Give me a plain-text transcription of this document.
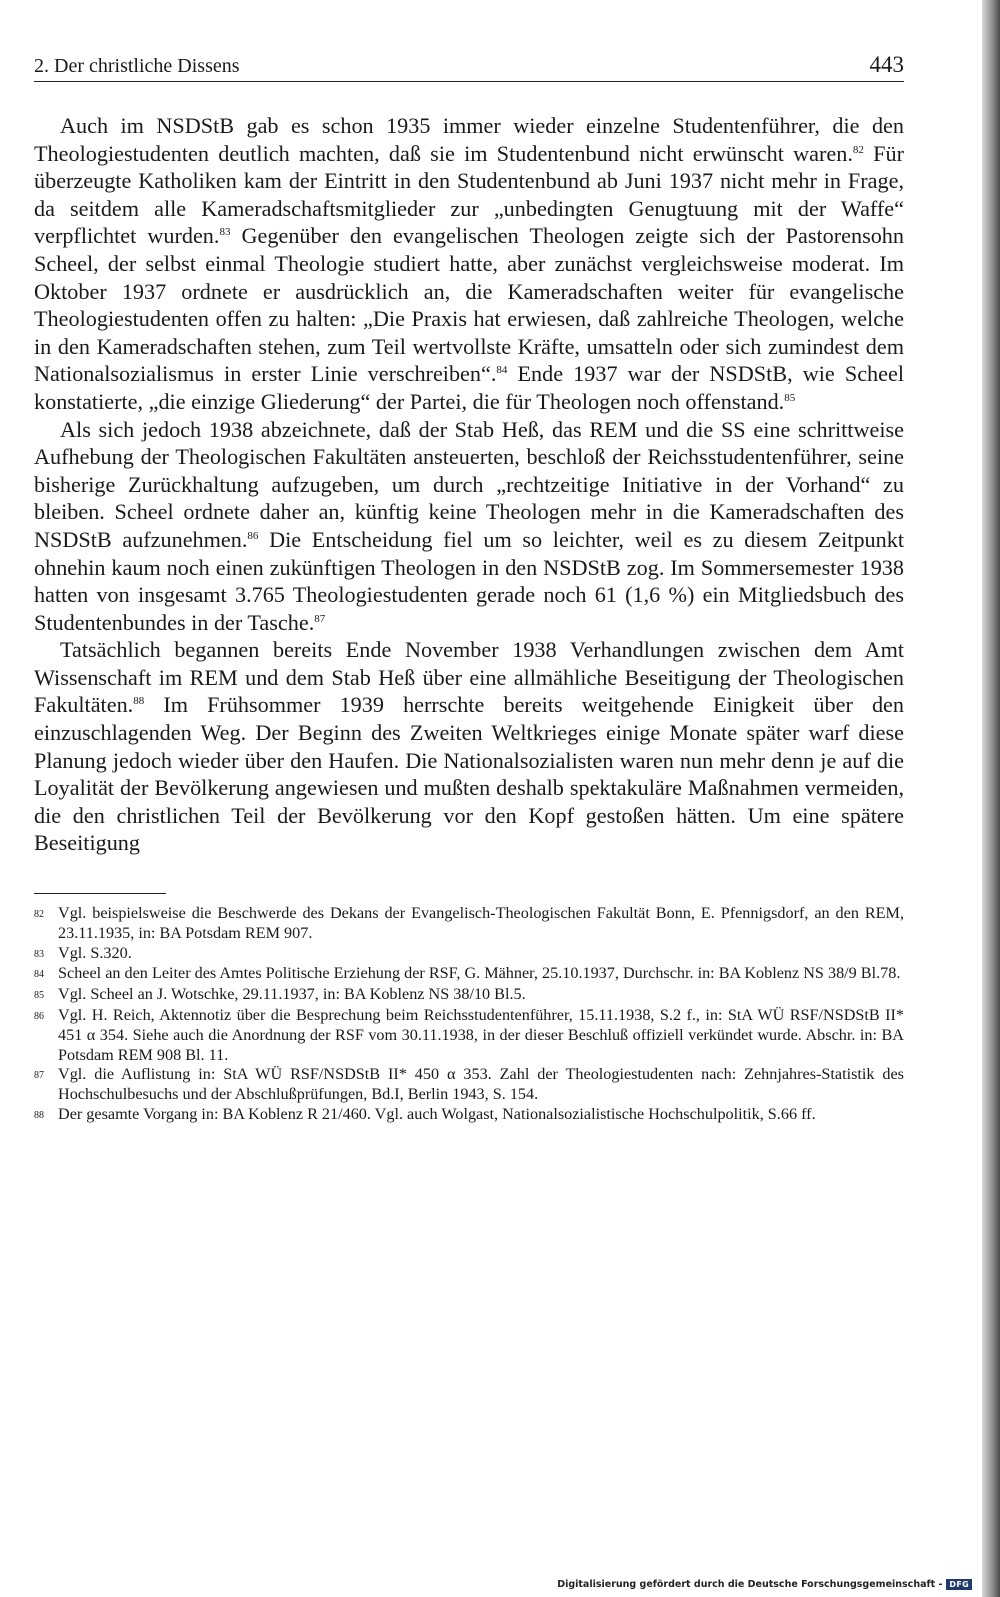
2. Der christliche Dissens	443

Auch im NSDStB gab es schon 1935 immer wieder einzelne Studentenführer, die den Theologiestudenten deutlich machten, daß sie im Studentenbund nicht erwünscht waren.$^{82}$ Für überzeugte Katholiken kam der Eintritt in den Studentenbund ab Juni 1937 nicht mehr in Frage, da seitdem alle Kameradschaftsmitglieder zur „unbedingten Genugtuung mit der Waffe“ verpflichtet wurden.$^{83}$ Gegenüber den evangelischen Theologen zeigte sich der Pastorensohn Scheel, der selbst einmal Theologie studiert hatte, aber zunächst vergleichsweise moderat. Im Oktober 1937 ordnete er ausdrücklich an, die Kameradschaften weiter für evangelische Theologiestudenten offen zu halten: „Die Praxis hat erwiesen, daß zahlreiche Theologen, welche in den Kameradschaften stehen, zum Teil wertvollste Kräfte, umsatteln oder sich zumindest dem Nationalsozialismus in erster Linie verschreiben“.$^{84}$ Ende 1937 war der NSDStB, wie Scheel konstatierte, „die einzige Gliederung“ der Partei, die für Theologen noch offenstand.$^{85}$

Als sich jedoch 1938 abzeichnete, daß der Stab Heß, das REM und die SS eine schrittweise Aufhebung der Theologischen Fakultäten ansteuerten, beschloß der Reichsstudentenführer, seine bisherige Zurückhaltung aufzugeben, um durch „rechtzeitige Initiative in der Vorhand“ zu bleiben. Scheel ordnete daher an, künftig keine Theologen mehr in die Kameradschaften des NSDStB aufzunehmen.$^{86}$ Die Entscheidung fiel um so leichter, weil es zu diesem Zeitpunkt ohnehin kaum noch einen zukünftigen Theologen in den NSDStB zog. Im Sommersemester 1938 hatten von insgesamt 3.765 Theologiestudenten gerade noch 61 (1,6 %) ein Mitgliedsbuch des Studentenbundes in der Tasche.$^{87}$

Tatsächlich begannen bereits Ende November 1938 Verhandlungen zwischen dem Amt Wissenschaft im REM und dem Stab Heß über eine allmähliche Beseitigung der Theologischen Fakultäten.$^{88}$ Im Frühsommer 1939 herrschte bereits weitgehende Einigkeit über den einzuschlagenden Weg. Der Beginn des Zweiten Weltkrieges einige Monate später warf diese Planung jedoch wieder über den Haufen. Die Nationalsozialisten waren nun mehr denn je auf die Loyalität der Bevölkerung angewiesen und mußten deshalb spektakuläre Maßnahmen vermeiden, die den christlichen Teil der Bevölkerung vor den Kopf gestoßen hätten. Um eine spätere Beseitigung

82 Vgl. beispielsweise die Beschwerde des Dekans der Evangelisch-Theologischen Fakultät Bonn, E. Pfennigsdorf, an den REM, 23.11.1935, in: BA Potsdam REM 907.
83 Vgl. S.320.
84 Scheel an den Leiter des Amtes Politische Erziehung der RSF, G. Mähner, 25.10.1937, Durchschr. in: BA Koblenz NS 38/9 Bl.78.
85 Vgl. Scheel an J. Wotschke, 29.11.1937, in: BA Koblenz NS 38/10 Bl.5.
86 Vgl. H. Reich, Aktennotiz über die Besprechung beim Reichsstudentenführer, 15.11.1938, S.2 f., in: StA WÜ RSF/NSDStB II* 451 α 354. Siehe auch die Anordnung der RSF vom 30.11.1938, in der dieser Beschluß offiziell verkündet wurde. Abschr. in: BA Potsdam REM 908 Bl. 11.
87 Vgl. die Auflistung in: StA WÜ RSF/NSDStB II* 450 α 353. Zahl der Theologiestudenten nach: Zehnjahres-Statistik des Hochschulbesuchs und der Abschlußprüfungen, Bd.I, Berlin 1943, S. 154.
88 Der gesamte Vorgang in: BA Koblenz R 21/460. Vgl. auch Wolgast, Nationalsozialistische Hochschulpolitik, S.66 ff.
Digitalisierung gefördert durch die Deutsche Forschungsgemeinschaft - DFG
